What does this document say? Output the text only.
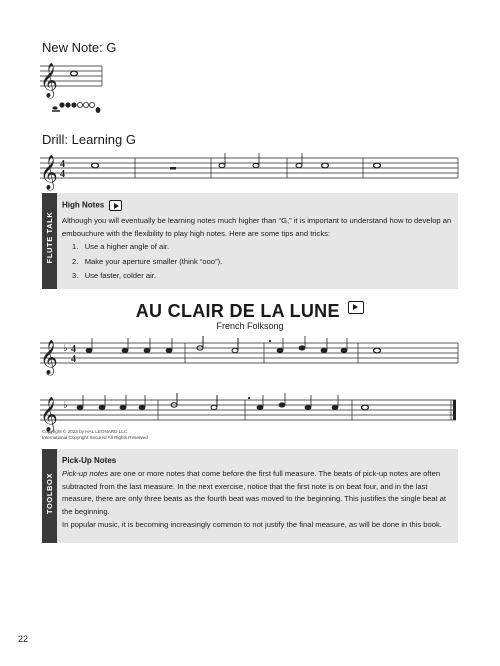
New Note: G
𝄞
Drill: Learning G
𝄞 4
4
FLUTE TALK
High Notes
Although you will eventually be learning notes much higher than “G,” it is important to understand how to develop an embouchure with the flexibility to play high notes. Here are some tips and tricks:
1. Use a higher angle of air.
2. Make your aperture smaller (think “ooo”).
3. Use faster, colder air.
AU CLAIR DE LA LUNE
French Folksong
𝄞 ♭ 4
4
𝄞 ♭
Copyright © 2023 by HAL LEONARD LLC
International Copyright Secured All Rights Reserved
TOOLBOX
Pick-Up Notes
Pick-up notes are one or more notes that come before the first full measure. The beats of pick-up notes are often subtracted from the last measure. In the next exercise, notice that the first note is on beat four, and in the last measure, there are only three beats as the fourth beat was moved to the beginning. This justifies the single beat at the beginning.
In popular music, it is becoming increasingly common to not justify the final measure, as will be done in this book.
22
